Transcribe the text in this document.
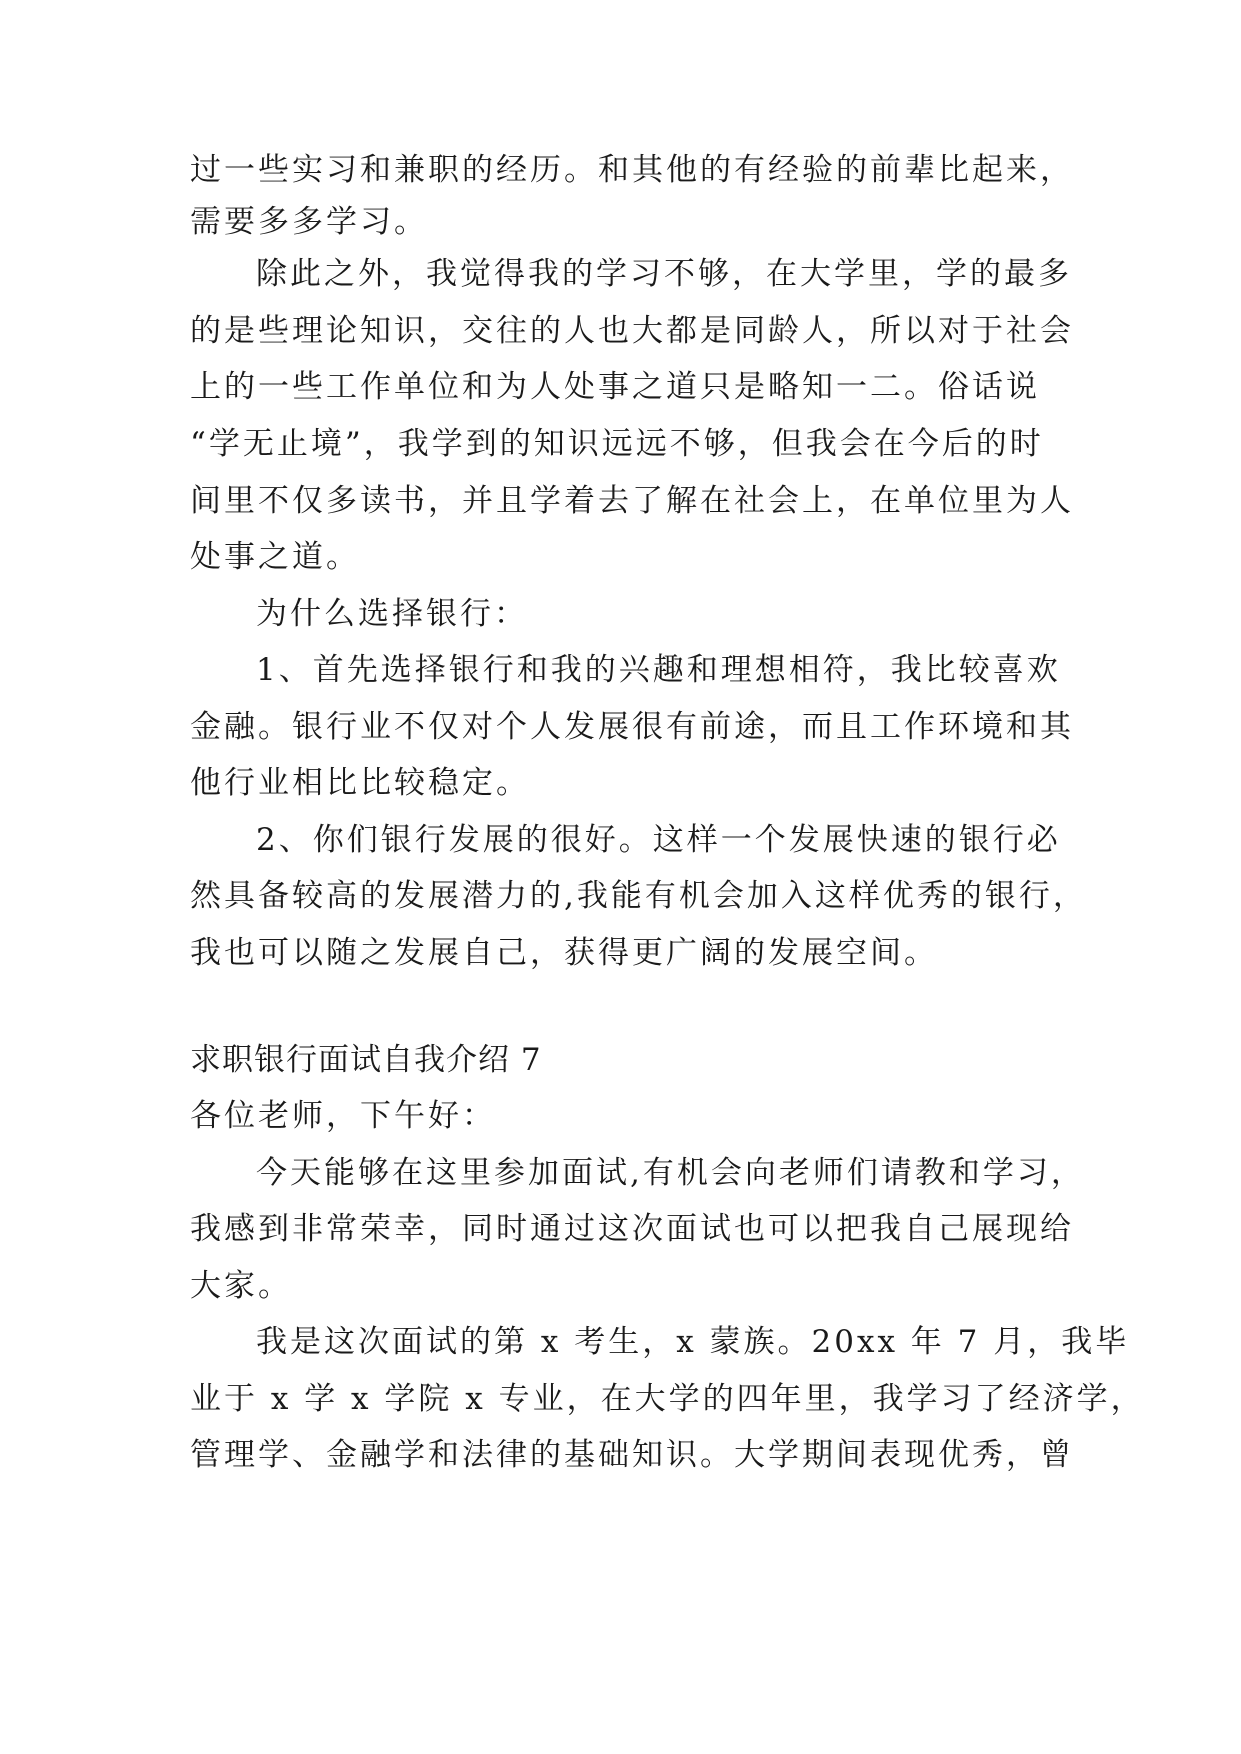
过一些实习和兼职的经历。和其他的有经验的前辈比起来，
需要多多学习。
除此之外，我觉得我的学习不够，在大学里，学的最多
的是些理论知识，交往的人也大都是同龄人，所以对于社会
上的一些工作单位和为人处事之道只是略知一二。俗话说
“学无止境”，我学到的知识远远不够，但我会在今后的时
间里不仅多读书，并且学着去了解在社会上，在单位里为人
处事之道。
为什么选择银行：
1、首先选择银行和我的兴趣和理想相符，我比较喜欢
金融。银行业不仅对个人发展很有前途，而且工作环境和其
他行业相比比较稳定。
2、你们银行发展的很好。这样一个发展快速的银行必
然具备较高的发展潜力的,我能有机会加入这样优秀的银行，
我也可以随之发展自己，获得更广阔的发展空间。
求职银行面试自我介绍 7
各位老师，下午好：
今天能够在这里参加面试,有机会向老师们请教和学习，
我感到非常荣幸，同时通过这次面试也可以把我自己展现给
大家。
我是这次面试的第 x 考生，x 蒙族。20xx 年 7 月，我毕
业于 x 学 x 学院 x 专业，在大学的四年里，我学习了经济学，
管理学、金融学和法律的基础知识。大学期间表现优秀，曾
